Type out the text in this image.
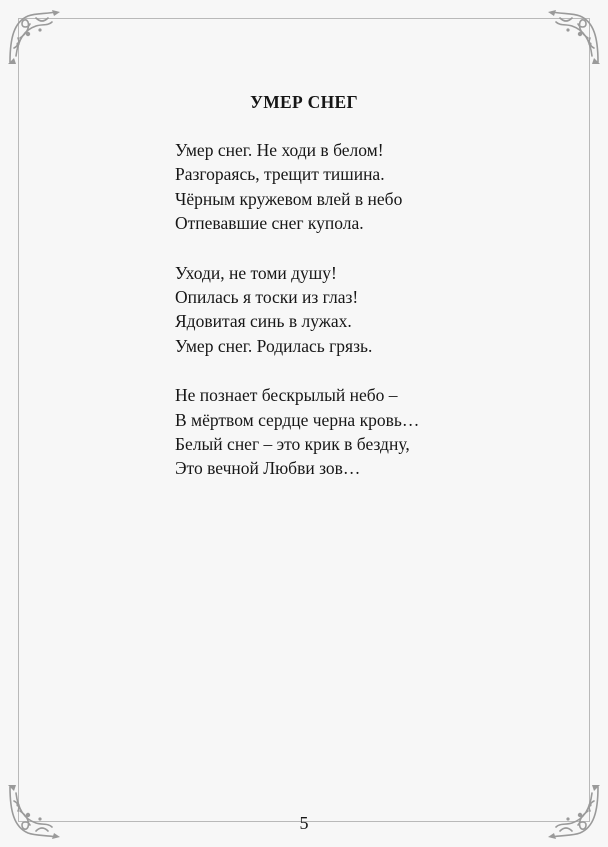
УМЕР СНЕГ
Умер снег. Не ходи в белом!
Разгораясь, трещит тишина.
Чёрным кружевом влей в небо
Отпевавшие снег купола.
Уходи, не томи душу!
Опилась я тоски из глаз!
Ядовитая синь в лужах.
Умер снег. Родилась грязь.
Не познает бескрылый небо –
В мёртвом сердце черна кровь…
Белый снег – это крик в бездну,
Это вечной Любви зов…
5
